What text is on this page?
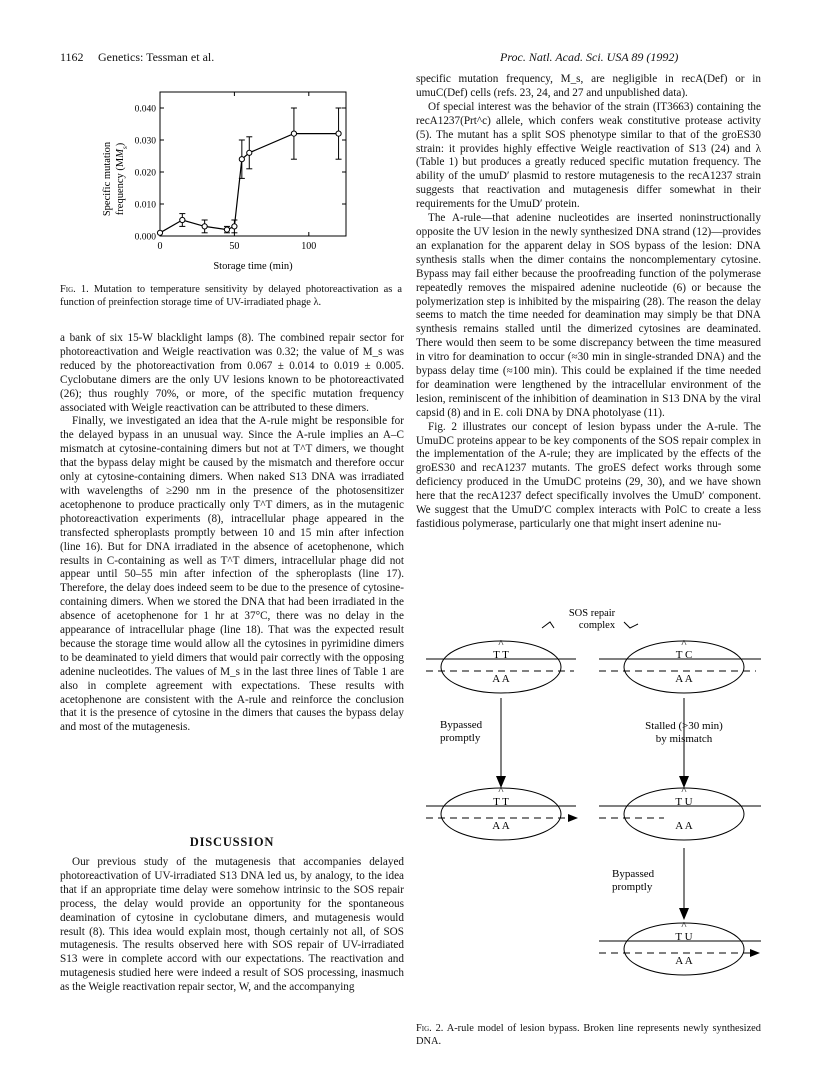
1162 Genetics: Tessman et al.	Proc. Natl. Acad. Sci. USA 89 (1992)
Specific mutation frequency $(MM_s)$
0.000
0.010
0.020
0.030
0.040
0	50	100
Storage time (min)
Fig. 1. Mutation to temperature sensitivity by delayed photoreactivation as a function of preinfection storage time of UV-irradiated phage λ.

a bank of six 15-W blacklight lamps (8). The combined repair sector for photoreactivation and Weigle reactivation was 0.32; the value of M_s was reduced by the photoreactivation from 0.067 ± 0.014 to 0.019 ± 0.005. Cyclobutane dimers are the only UV lesions known to be photoreactivated (26); thus roughly 70%, or more, of the specific mutation frequency associated with Weigle reactivation can be attributed to these dimers.

Finally, we investigated an idea that the A-rule might be responsible for the delayed bypass in an unusual way. Since the A-rule implies an A–C mismatch at cytosine-containing dimers but not at T^T dimers, we thought that the bypass delay might be caused by the mismatch and therefore occur only at cytosine-containing dimers. When naked S13 DNA was irradiated with wavelengths of ≥290 nm in the presence of the photosensitizer acetophenone to produce practically only T^T dimers, as in the mutagenic photoreactivation experiments (8), intracellular phage appeared in the transfected spheroplasts promptly between 10 and 15 min after infection (line 16). But for DNA irradiated in the absence of acetophenone, which results in C-containing as well as T^T dimers, intracellular phage did not appear until 50–55 min after infection of the spheroplasts (line 17). Therefore, the delay does indeed seem to be due to the presence of cytosine-containing dimers. When we stored the DNA that had been irradiated in the absence of acetophenone for 1 hr at 37°C, there was no delay in the appearance of intracellular phage (line 18). That was the expected result because the storage time would allow all the cytosines in pyrimidine dimers to be deaminated to yield dimers that would pair correctly with the opposing adenine nucleotides. The values of M_s in the last three lines of Table 1 are also in complete agreement with expectations. These results with acetophenone are consistent with the A-rule and reinforce the conclusion that it is the presence of cytosine in the dimers that causes the bypass delay and most of the mutagenesis.

DISCUSSION

Our previous study of the mutagenesis that accompanies delayed photoreactivation of UV-irradiated S13 DNA led us, by analogy, to the idea that if an appropriate time delay were somehow intrinsic to the SOS repair process, the delay would provide an opportunity for the spontaneous deamination of cytosine in cyclobutane dimers, and mutagenesis would result (8). This idea would explain most, though certainly not all, of SOS mutagenesis. The results observed here with SOS repair of UV-irradiated S13 were in complete accord with our expectations. The reactivation and mutagenesis studied here were indeed a result of SOS processing, inasmuch as the Weigle reactivation repair sector, W, and the accompanying

specific mutation frequency, M_s, are negligible in recA(Def) or in umuC(Def) cells (refs. 23, 24, and 27 and unpublished data).

Of special interest was the behavior of the strain (IT3663) containing the recA1237(Prt^c) allele, which confers weak constitutive protease activity (5). The mutant has a split SOS phenotype similar to that of the groES30 strain: it provides highly effective Weigle reactivation of S13 (24) and λ (Table 1) but produces a greatly reduced specific mutation frequency. The ability of the umuD′ plasmid to restore mutagenesis to the recA1237 strain suggests that reactivation and mutagenesis differ somewhat in their requirements for the UmuD′ protein.

The A-rule—that adenine nucleotides are inserted noninstructionally opposite the UV lesion in the newly synthesized DNA strand (12)—provides an explanation for the apparent delay in SOS bypass of the lesion: DNA synthesis stalls when the dimer contains the noncomplementary cytosine. Bypass may fail either because the proofreading function of the polymerase repeatedly removes the mispaired adenine nucleotide (6) or because the polymerization step is inhibited by the mispairing (28). The reason the delay seems to match the time needed for deamination may simply be that DNA synthesis remains stalled until the dimerized cytosines are deaminated. There would then seem to be some discrepancy between the time measured in vitro for deamination to occur (≈30 min in single-stranded DNA) and the bypass delay time (≈100 min). This could be explained if the time needed for deamination were lengthened by the intracellular environment of the lesion, reminiscent of the inhibition of deamination in S13 DNA by the viral capsid (8) and in E. coli DNA by DNA photolyase (11).

Fig. 2 illustrates our concept of lesion bypass under the A-rule. The UmuDC proteins appear to be key components of the SOS repair complex in the implementation of the A-rule; they are implicated by the effects of the groES30 and recA1237 mutants. The groES defect works through some deficiency produced in the UmuDC proteins (29, 30), and we have shown here that the recA1237 defect specifically involves the UmuD′ component. We suggest that the UmuD′C complex interacts with PolC to create a less fastidious polymerase, particularly one that might insert adenine nu-

^
T T
A A
^
T C
A A
SOS repair
complex
Bypassed
promptly
Stalled (>30 min)
by mismatch
^
T T
A A
^
T U
A A
Bypassed
promptly
^
T U
A A
Fig. 2. A-rule model of lesion bypass. Broken line represents newly synthesized DNA.
